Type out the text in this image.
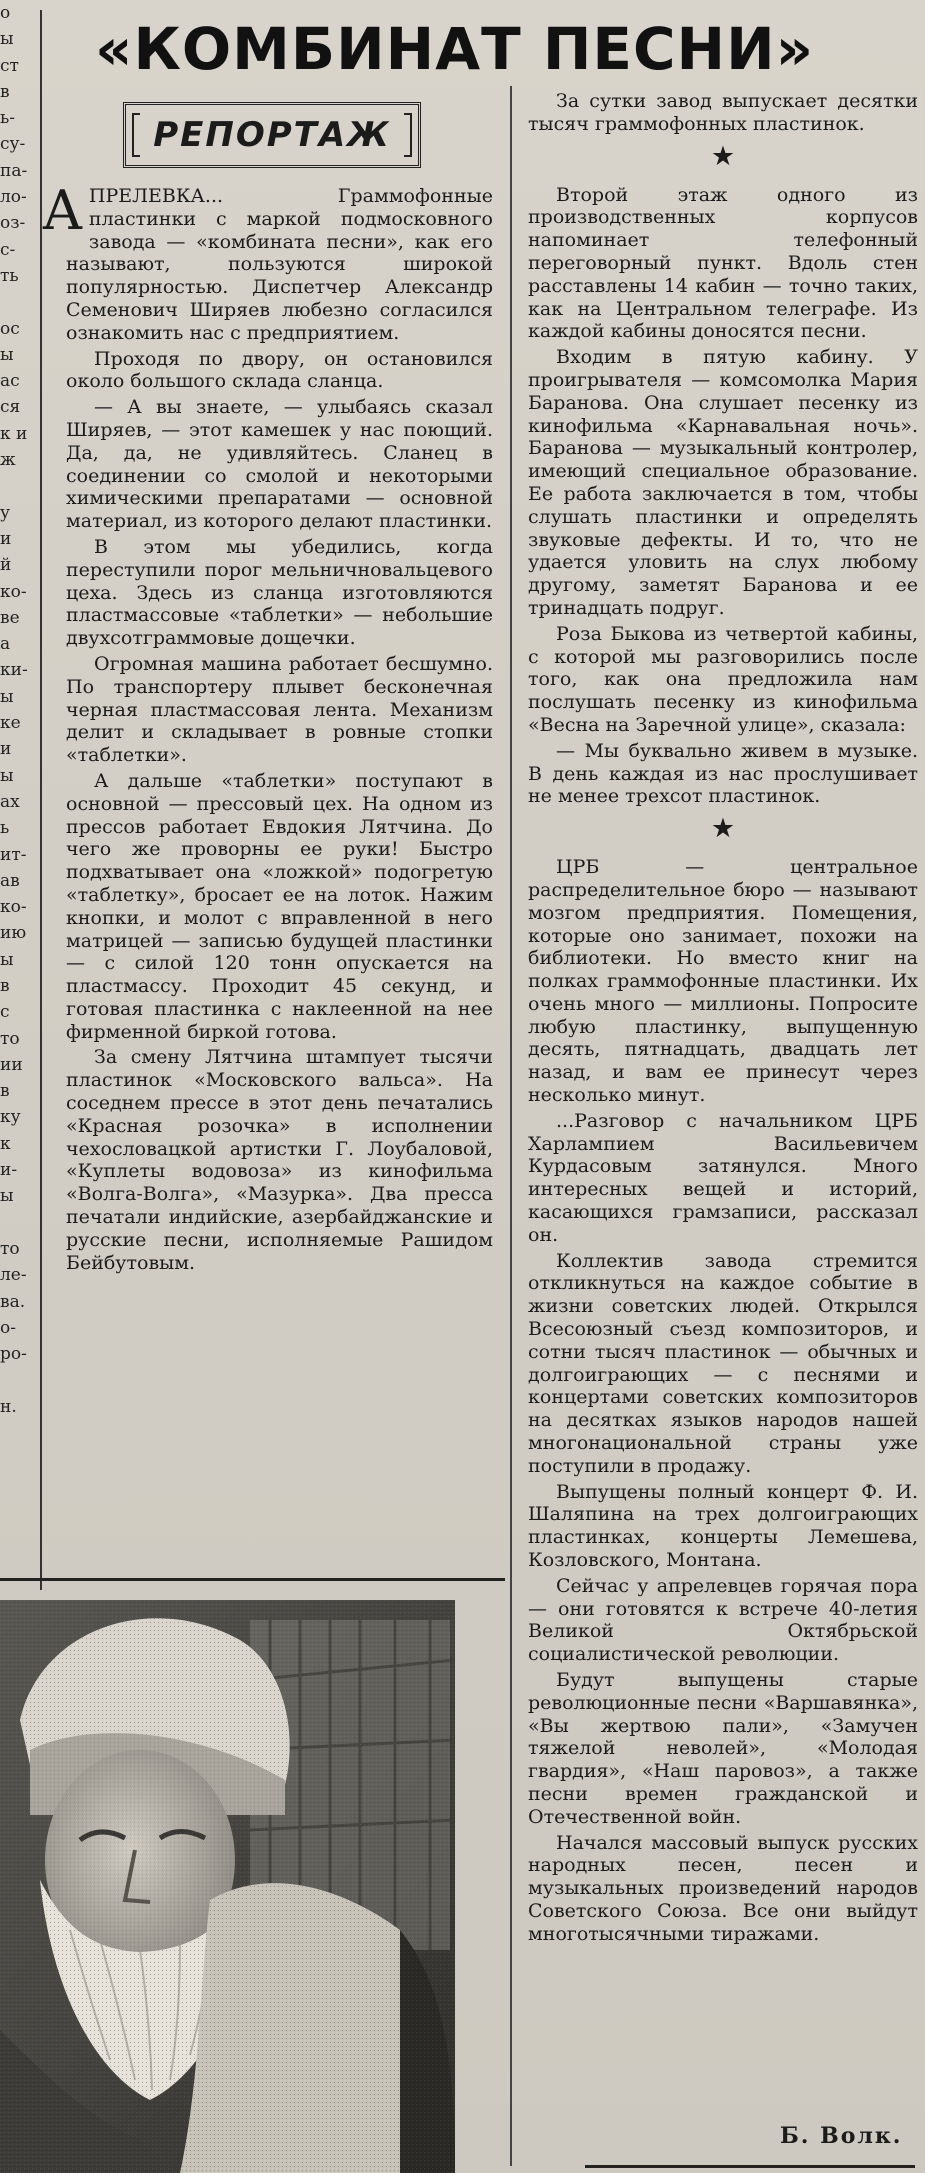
о
ы
ст
в
ь-
су-
па-
ло-
оз-
с-
ть
ос
ы
ас
ся
к и
ж
у
и
й
ко-
ве
а
ки-
ы
ке
и
ы
ах
ь
ит-
ав
ко-
ию
ы
в
с
то
ии
в
ку
к
и-
ы
то
ле-
ва.
о-
ро-
н.
«КОМБИНАТ ПЕСНИ»
РЕПОРТАЖ

АПРЕЛЕВКА... Граммофонные пластинки с маркой подмосковного завода — «комбината песни», как его называют, пользуются широкой популярностью. Диспетчер Александр Семенович Ширяев любезно согласился ознакомить нас с предприятием.

Проходя по двору, он остановился около большого склада сланца.

— А вы знаете, — улыбаясь сказал Ширяев, — этот камешек у нас поющий. Да, да, не удивляйтесь. Сланец в соединении со смолой и некоторыми химическими препаратами — основной материал, из которого делают пластинки.

В этом мы убедились, когда переступили порог мельничновальцевого цеха. Здесь из сланца изготовляются пластмассовые «таблетки» — небольшие двухсотграммовые дощечки.

Огромная машина работает бесшумно. По транспортеру плывет бесконечная черная пластмассовая лента. Механизм делит и складывает в ровные стопки «таблетки».

А дальше «таблетки» поступают в основной — прессовый цех. На одном из прессов работает Евдокия Лятчина. До чего же проворны ее руки! Быстро подхватывает она «ложкой» подогретую «таблетку», бросает ее на лоток. Нажим кнопки, и молот с вправленной в него матрицей — записью будущей пластинки — с силой 120 тонн опускается на пластмассу. Проходит 45 секунд, и готовая пластинка с наклеенной на нее фирменной биркой готова.

За смену Лятчина штампует тысячи пластинок «Московского вальса». На соседнем прессе в этот день печатались «Красная розочка» в исполнении чехословацкой артистки Г. Лоубаловой, «Куплеты водовоза» из кинофильма «Волга-Волга», «Мазурка». Два пресса печатали индийские, азербайджанские и русские песни, исполняемые Рашидом Бейбутовым.

За сутки завод выпускает десятки тысяч граммофонных пластинок.

★

Второй этаж одного из производственных корпусов напоминает телефонный переговорный пункт. Вдоль стен расставлены 14 кабин — точно таких, как на Центральном телеграфе. Из каждой кабины доносятся песни.

Входим в пятую кабину. У проигрывателя — комсомолка Мария Баранова. Она слушает песенку из кинофильма «Карнавальная ночь». Баранова — музыкальный контролер, имеющий специальное образование. Ее работа заключается в том, чтобы слушать пластинки и определять звуковые дефекты. И то, что не удается уловить на слух любому другому, заметят Баранова и ее тринадцать подруг.

Роза Быкова из четвертой кабины, с которой мы разговорились после того, как она предложила нам послушать песенку из кинофильма «Весна на Заречной улице», сказала:

— Мы буквально живем в музыке. В день каждая из нас прослушивает не менее трехсот пластинок.

★

ЦРБ — центральное распределительное бюро — называют мозгом предприятия. Помещения, которые оно занимает, похожи на библиотеки. Но вместо книг на полках граммофонные пластинки. Их очень много — миллионы. Попросите любую пластинку, выпущенную десять, пятнадцать, двадцать лет назад, и вам ее принесут через несколько минут.

...Разговор с начальником ЦРБ Харлампием Васильевичем Курдасовым затянулся. Много интересных вещей и историй, касающихся грамзаписи, рассказал он.

Коллектив завода стремится откликнуться на каждое событие в жизни советских людей. Открылся Всесоюзный съезд композиторов, и сотни тысяч пластинок — обычных и долгоиграющих — с песнями и концертами советских композиторов на десятках языков народов нашей многонациональной страны уже поступили в продажу.

Выпущены полный концерт Ф. И. Шаляпина на трех долгоиграющих пластинках, концерты Лемешева, Козловского, Монтана.

Сейчас у апрелевцев горячая пора — они готовятся к встрече 40-летия Великой Октябрьской социалистической революции.

Будут выпущены старые революционные песни «Варшавянка», «Вы жертвою пали», «Замучен тяжелой неволей», «Молодая гвардия», «Наш паровоз», а также песни времен гражданской и Отечественной войн.

Начался массовый выпуск русских народных песен, песен и музыкальных произведений народов Советского Союза. Все они выйдут многотысячными тиражами.

Б. Волк.
